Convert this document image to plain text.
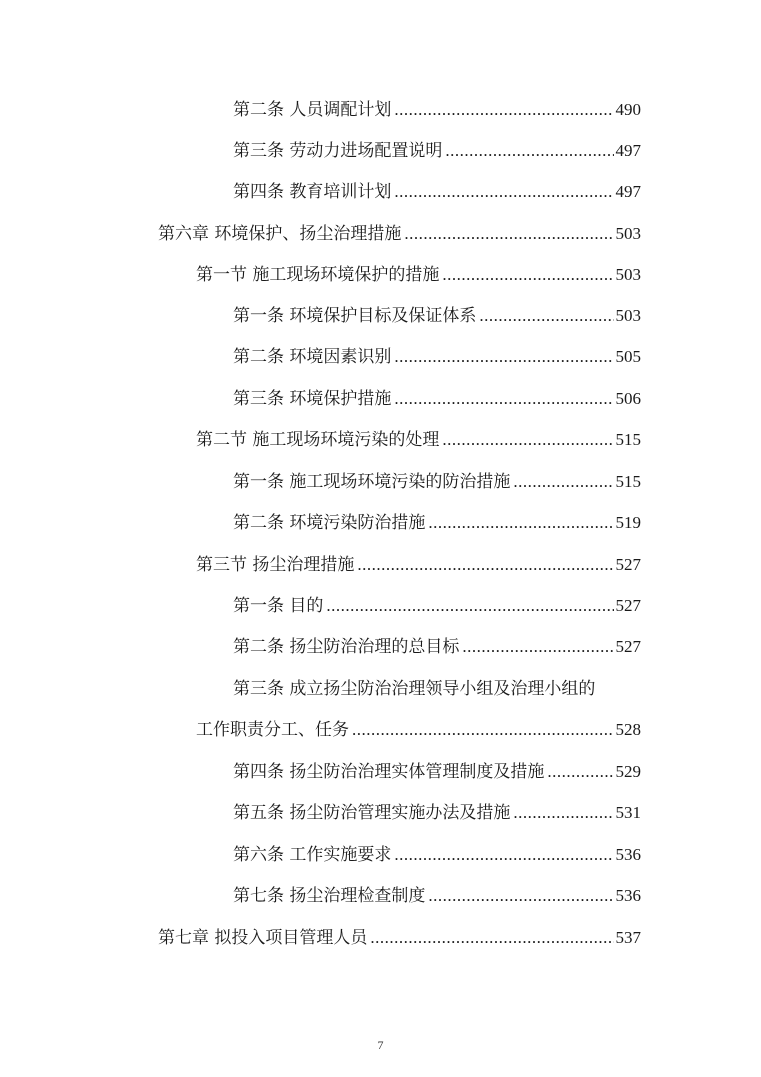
第二条 人员调配计划 .....	490
第三条 劳动力进场配置说明 .....	497
第四条 教育培训计划 .....	497
第六章 环境保护、扬尘治理措施 .....	503
第一节 施工现场环境保护的措施 .....	503
第一条 环境保护目标及保证体系 .....	503
第二条 环境因素识别 .....	505
第三条 环境保护措施 .....	506
第二节 施工现场环境污染的处理 .....	515
第一条 施工现场环境污染的防治措施 .....	515
第二条 环境污染防治措施 .....	519
第三节 扬尘治理措施 .....	527
第一条 目的 .....	527
第二条 扬尘防治治理的总目标 .....	527
第三条 成立扬尘防治治理领导小组及治理小组的
工作职责分工、任务 .....	528
第四条 扬尘防治治理实体管理制度及措施 .....	529
第五条 扬尘防治管理实施办法及措施 .....	531
第六条 工作实施要求 .....	536
第七条 扬尘治理检查制度 .....	536
第七章 拟投入项目管理人员 .....	537
7
